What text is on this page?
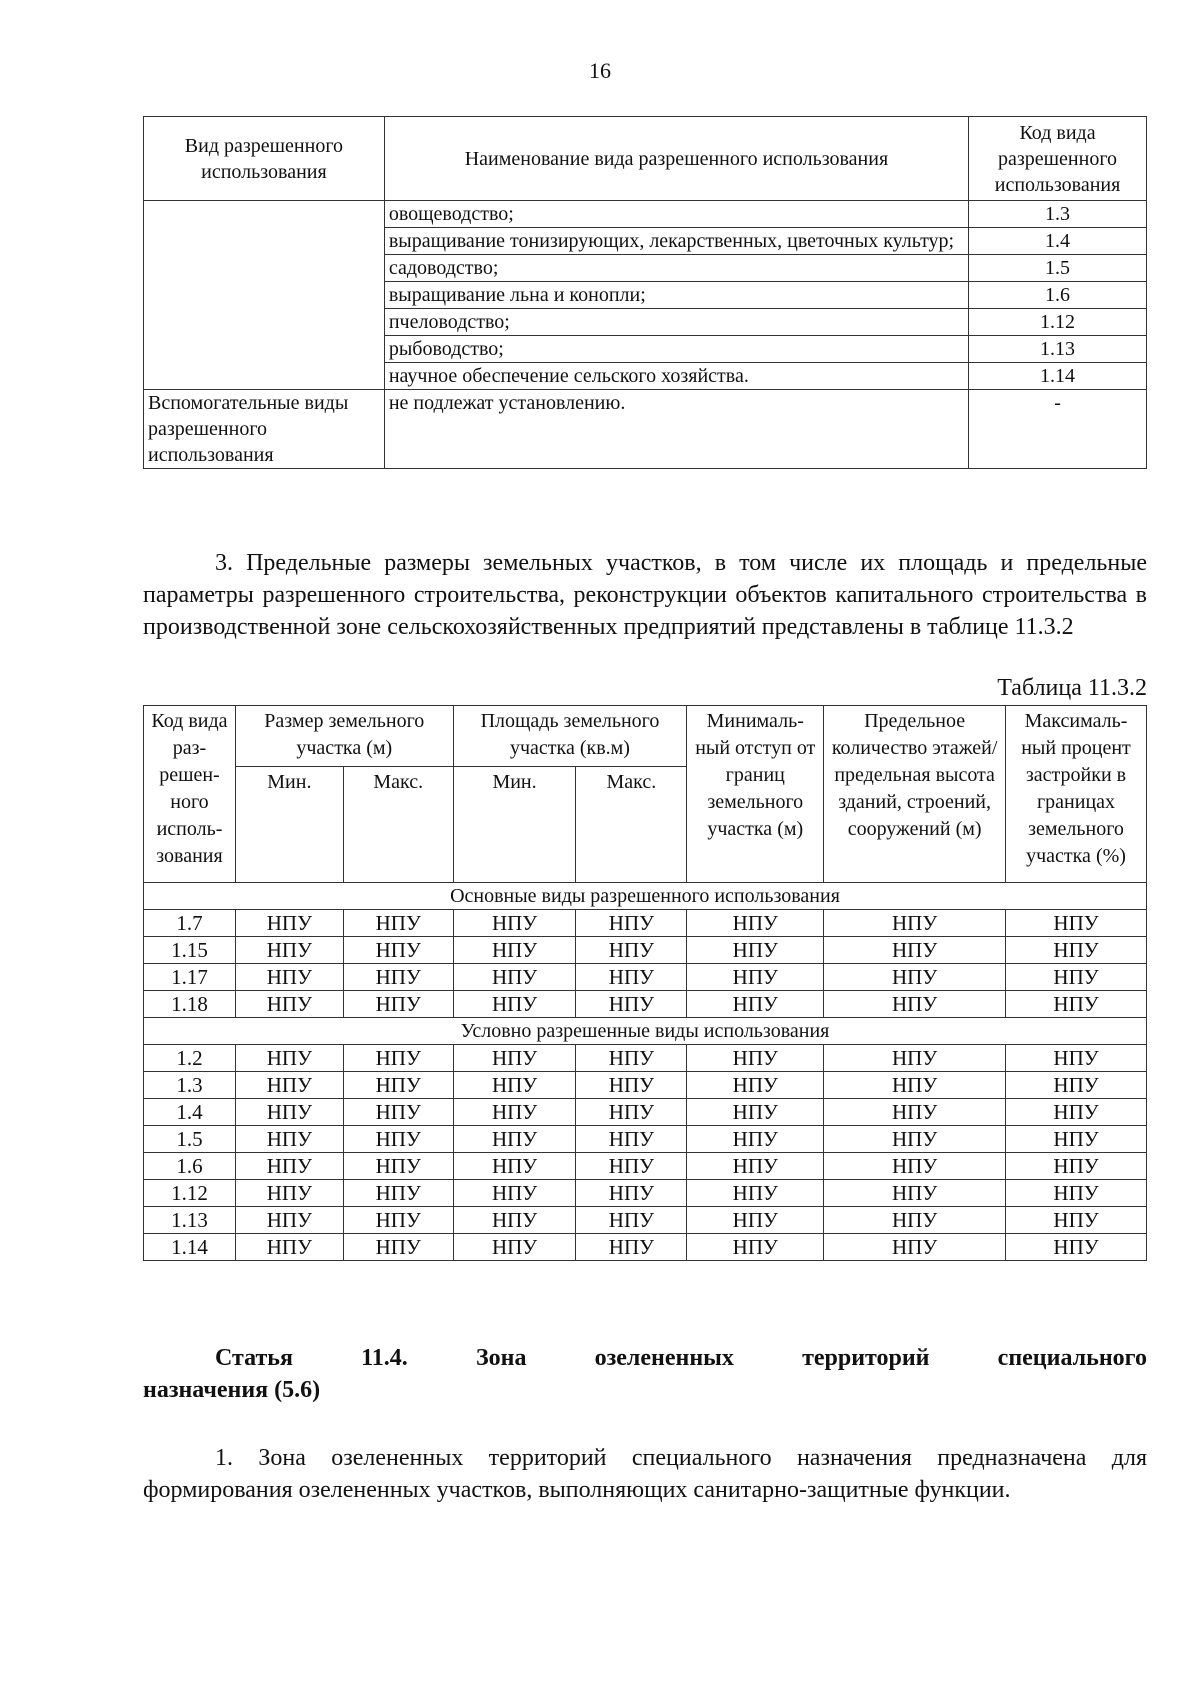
16
Вид разрешенного использования	Наименование вида разрешенного использования	Код вида разрешенного использования
	овощеводство;	1.3
	выращивание тонизирующих, лекарственных, цветочных культур;	1.4
	садоводство;	1.5
	выращивание льна и конопли;	1.6
	пчеловодство;	1.12
	рыбоводство;	1.13
	научное обеспечение сельского хозяйства.	1.14
Вспомогательные виды разрешенного использования	не подлежат установлению.	-

3. Предельные размеры земельных участков, в том числе их площадь и предельные параметры разрешенного строительства, реконструкции объектов капитального строительства в производственной зоне сельскохозяйственных предприятий представлены в таблице 11.3.2

Таблица 11.3.2
Код вида раз-решен-ного исполь-зования	Размер земельного участка (м)		Площадь земельного участка (кв.м)		Минималь-ный отступ от границ земельного участка (м)	Предельное количество этажей/ предельная высота зданий, строений, сооружений (м)	Максималь-ный процент застройки в границах земельного участка (%)
	Мин.	Макс.	Мин.	Макс.			
Основные виды разрешенного использования							
1.7	НПУ	НПУ	НПУ	НПУ	НПУ	НПУ	НПУ
1.15	НПУ	НПУ	НПУ	НПУ	НПУ	НПУ	НПУ
1.17	НПУ	НПУ	НПУ	НПУ	НПУ	НПУ	НПУ
1.18	НПУ	НПУ	НПУ	НПУ	НПУ	НПУ	НПУ
Условно разрешенные виды использования							
1.2	НПУ	НПУ	НПУ	НПУ	НПУ	НПУ	НПУ
1.3	НПУ	НПУ	НПУ	НПУ	НПУ	НПУ	НПУ
1.4	НПУ	НПУ	НПУ	НПУ	НПУ	НПУ	НПУ
1.5	НПУ	НПУ	НПУ	НПУ	НПУ	НПУ	НПУ
1.6	НПУ	НПУ	НПУ	НПУ	НПУ	НПУ	НПУ
1.12	НПУ	НПУ	НПУ	НПУ	НПУ	НПУ	НПУ
1.13	НПУ	НПУ	НПУ	НПУ	НПУ	НПУ	НПУ
1.14	НПУ	НПУ	НПУ	НПУ	НПУ	НПУ	НПУ
Статья	11.4.	Зона	озелененных	территорий	специального
назначения (5.6)

1. Зона озелененных территорий специального назначения предназначена для формирования озелененных участков, выполняющих санитарно-защитные функции.
